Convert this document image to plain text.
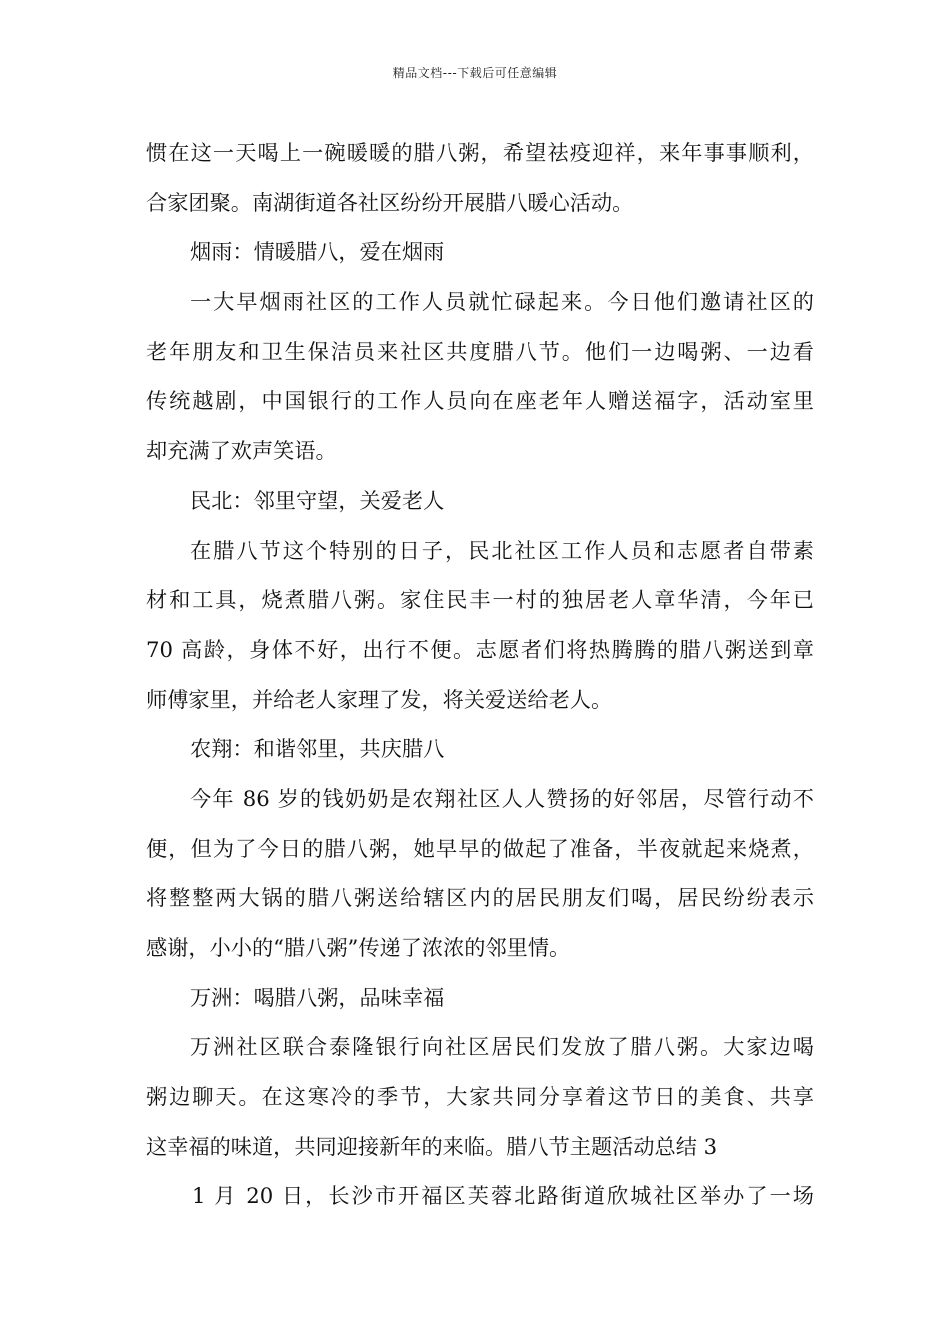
精品文档---下载后可任意编辑
惯在这一天喝上一碗暖暖的腊八粥，希望祛疫迎祥，来年事事顺利，
合家团聚。南湖街道各社区纷纷开展腊八暖心活动。
烟雨：情暖腊八，爱在烟雨
一大早烟雨社区的工作人员就忙碌起来。今日他们邀请社区的
老年朋友和卫生保洁员来社区共度腊八节。他们一边喝粥、一边看
传统越剧，中国银行的工作人员向在座老年人赠送福字，活动室里
却充满了欢声笑语。
民北：邻里守望，关爱老人
在腊八节这个特别的日子，民北社区工作人员和志愿者自带素
材和工具，烧煮腊八粥。家住民丰一村的独居老人章华清，今年已
70 高龄，身体不好，出行不便。志愿者们将热腾腾的腊八粥送到章
师傅家里，并给老人家理了发，将关爱送给老人。
农翔：和谐邻里，共庆腊八
今年 86 岁的钱奶奶是农翔社区人人赞扬的好邻居，尽管行动不
便，但为了今日的腊八粥，她早早的做起了准备，半夜就起来烧煮，
将整整两大锅的腊八粥送给辖区内的居民朋友们喝，居民纷纷表示
感谢，小小的“腊八粥”传递了浓浓的邻里情。
万洲：喝腊八粥，品味幸福
万洲社区联合泰隆银行向社区居民们发放了腊八粥。大家边喝
粥边聊天。在这寒冷的季节，大家共同分享着这节日的美食、共享
这幸福的味道，共同迎接新年的来临。腊八节主题活动总结 3
1 月 20 日，长沙市开福区芙蓉北路街道欣城社区举办了一场
